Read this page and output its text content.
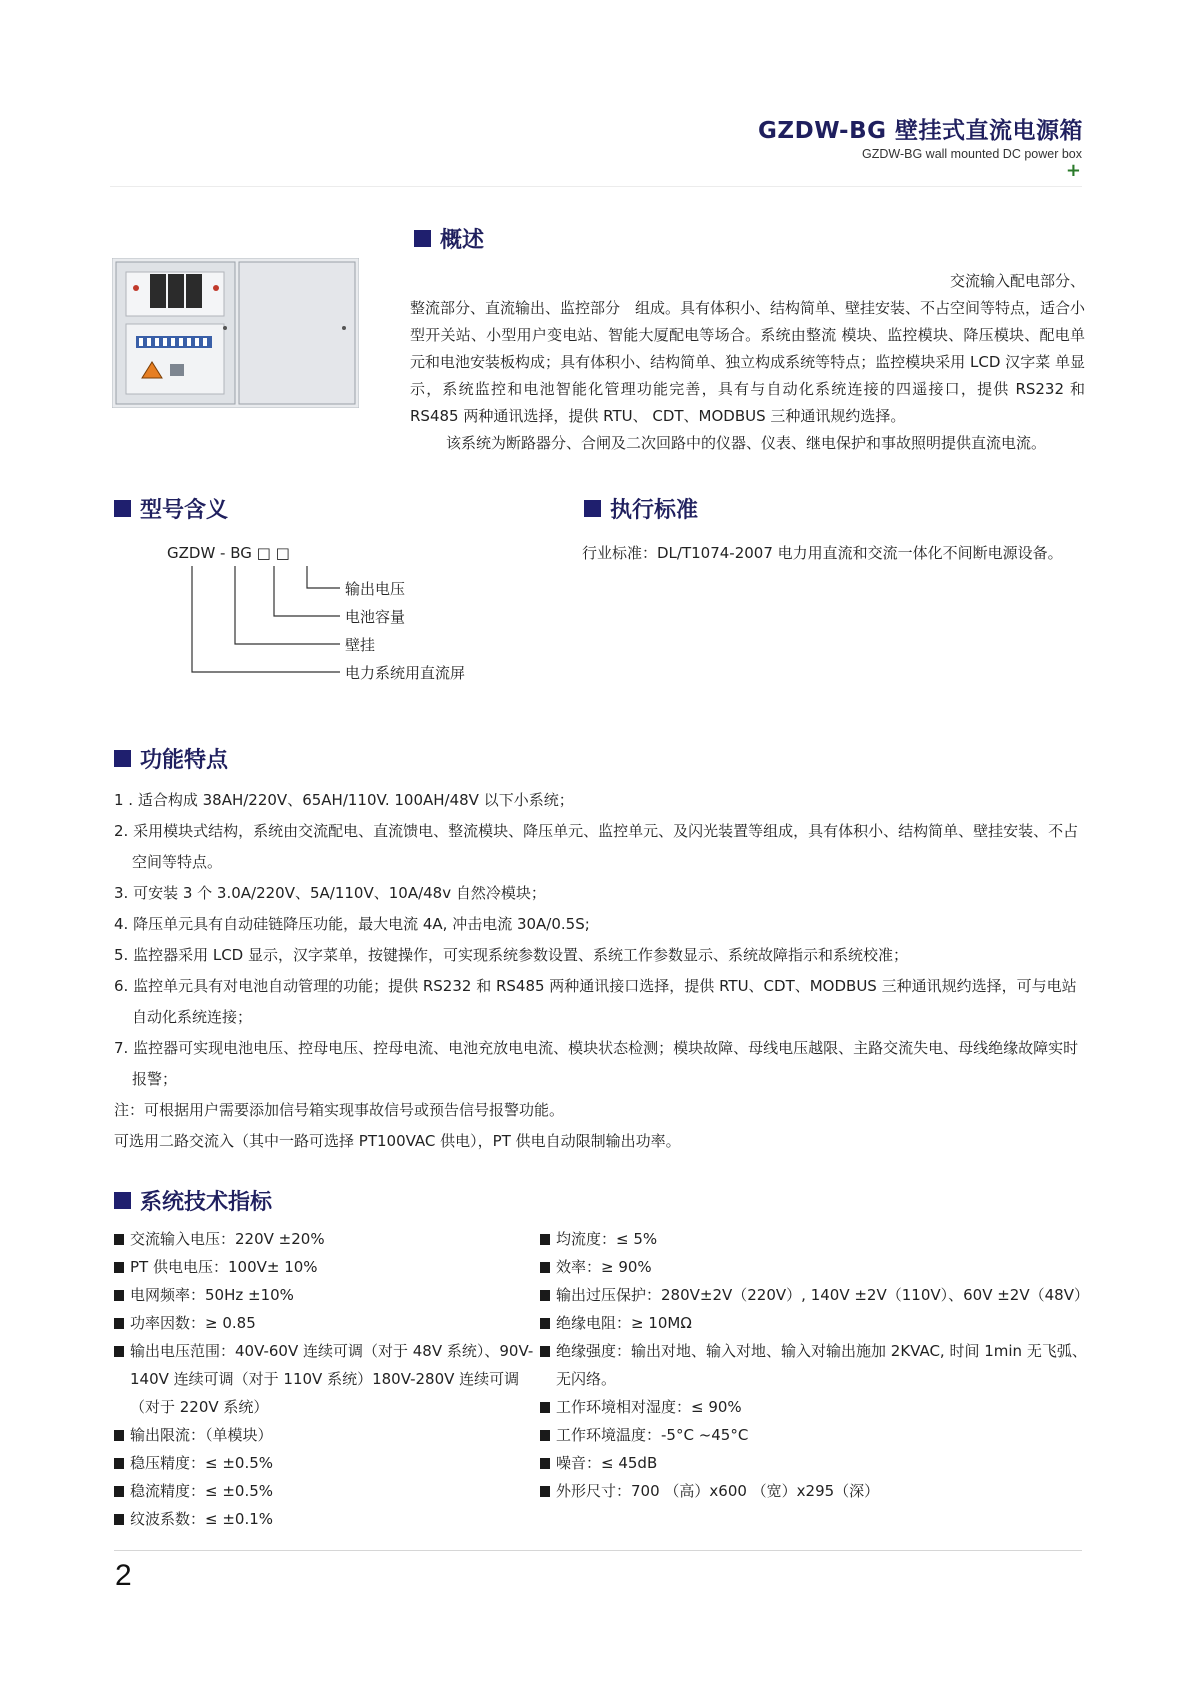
GZDW-BG 壁挂式直流电源箱
GZDW-BG wall mounted DC power box
+
概述

交流输入配电部分、

整流部分、直流输出、监控部分　组成。具有体积小、结构简单、壁挂安装、不占空间等特点，适合小型开关站、小型用户变电站、智能大厦配电等场合。系统由整流 模块、监控模块、降压模块、配电单元和电池安装板构成；具有体积小、结构简单、独立构成系统等特点；监控模块采用 LCD 汉字菜 单显示，系统监控和电池智能化管理功能完善，具有与自动化系统连接的四遥接口，提供 RS232 和 RS485 两种通讯选择，提供 RTU、 CDT、MODBUS 三种通讯规约选择。

该系统为断路器分、合闸及二次回路中的仪器、仪表、继电保护和事故照明提供直流电流。

型号含义
GZDW - BG □ □
输出电压
电池容量
壁挂
电力系统用直流屏
执行标准
行业标准：DL/T1074-2007 电力用直流和交流一体化不间断电源设备。
功能特点
1 . 适合构成 38AH/220V、65AH/110V. 100AH/48V 以下小系统；
2. 采用模块式结构，系统由交流配电、直流馈电、整流模块、降压单元、监控单元、及闪光装置等组成，具有体积小、结构简单、壁挂安装、不占空间等特点。
3. 可安装 3 个 3.0A/220V、5A/110V、10A/48v 自然冷模块；
4. 降压单元具有自动硅链降压功能，最大电流 4A, 冲击电流 30A/0.5S;
5. 监控器采用 LCD 显示，汉字菜单，按键操作，可实现系统参数设置、系统工作参数显示、系统故障指示和系统校准；
6. 监控单元具有对电池自动管理的功能；提供 RS232 和 RS485 两种通讯接口选择，提供 RTU、CDT、MODBUS 三种通讯规约选择，可与电站自动化系统连接；
7. 监控器可实现电池电压、控母电压、控母电流、电池充放电电流、模块状态检测；模块故障、母线电压越限、主路交流失电、母线绝缘故障实时报警；
注：可根据用户需要添加信号箱实现事故信号或预告信号报警功能。
可选用二路交流入（其中一路可选择 PT100VAC 供电），PT 供电自动限制输出功率。
系统技术指标
交流输入电压：220V ±20%
PT 供电电压：100V± 10%
电网频率：50Hz ±10%
功率因数：≥ 0.85
输出电压范围：40V-60V 连续可调（对于 48V 系统）、90V-140V 连续可调（对于 110V 系统）180V-280V 连续可调（对于 220V 系统）
输出限流：（单模块）
稳压精度：≤ ±0.5%
稳流精度：≤ ±0.5%
纹波系数：≤ ±0.1%
均流度：≤ 5%
效率：≥ 90%
输出过压保护：280V±2V（220V）, 140V ±2V（110V）、60V ±2V（48V）
绝缘电阻：≥ 10MΩ
绝缘强度：输出对地、输入对地、输入对输出施加 2KVAC, 时间 1min 无飞弧、无闪络。
工作环境相对湿度：≤ 90%
工作环境温度：-5°C ~45°C
噪音：≤ 45dB
外形尺寸：700 （高）x600 （宽）x295（深）
2
